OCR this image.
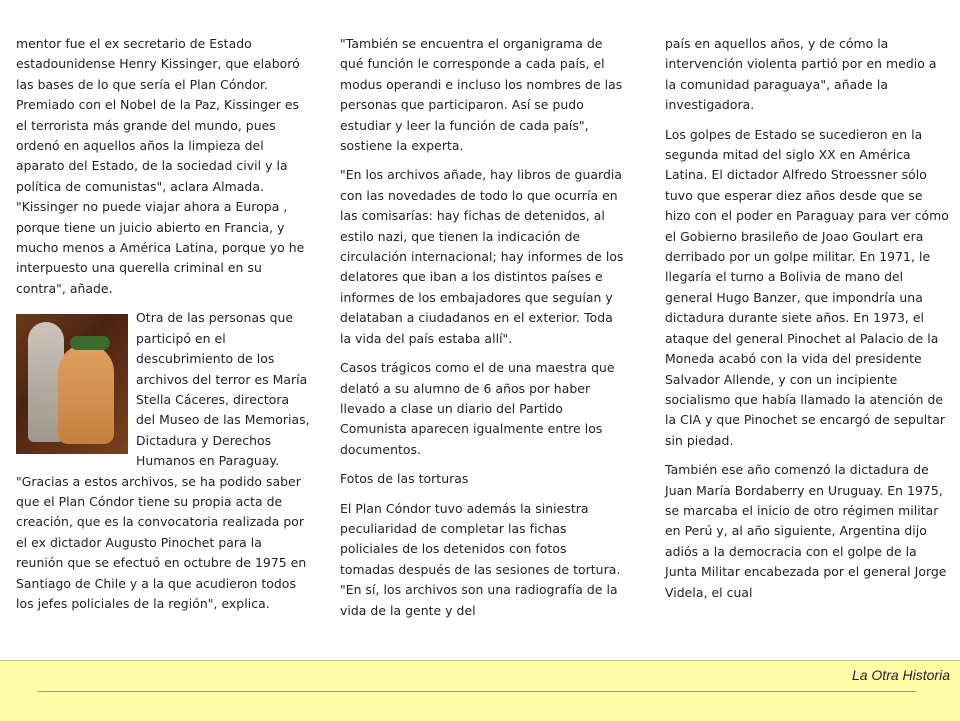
mentor fue el ex secretario de Estado estadounidense Henry Kissinger, que elaboró las bases de lo que sería el Plan Cóndor. Premiado con el Nobel de la Paz, Kissinger es el terrorista más grande del mundo, pues ordenó en aquellos años la limpieza del aparato del Estado, de la sociedad civil y la política de comunistas", aclara Almada. "Kissinger no puede viajar ahora a Europa , porque tiene un juicio abierto en Francia, y mucho menos a América Latina, porque yo he interpuesto una querella criminal en su contra", añade.

Otra de las personas que participó en el descubrimiento de los archivos del terror es María Stella Cáceres, directora del Museo de las Memorias, Dictadura y Derechos Humanos en Paraguay. "Gracias a estos archivos, se ha podido saber que el Plan Cóndor tiene su propia acta de creación, que es la convocatoria realizada por el ex dictador Augusto Pinochet para la reunión que se efectuó en octubre de 1975 en Santiago de Chile y a la que acudieron todos los jefes policiales de la región", explica.

"También se encuentra el organigrama de qué función le corresponde a cada país, el modus operandi e incluso los nombres de las personas que participaron. Así se pudo estudiar y leer la función de cada país", sostiene la experta.

"En los archivos añade, hay libros de guardia con las novedades de todo lo que ocurría en las comisarías: hay fichas de detenidos, al estilo nazi, que tienen la indicación de circulación internacional; hay informes de los delatores que iban a los distintos países e informes de los embajadores que seguían y delataban a ciudadanos en el exterior. Toda la vida del país estaba allí".

Casos trágicos como el de una maestra que delató a su alumno de 6 años por haber llevado a clase un diario del Partido Comunista aparecen igualmente entre los documentos.

Fotos de las torturas

El Plan Cóndor tuvo además la siniestra peculiaridad de completar las fichas policiales de los detenidos con fotos tomadas después de las sesiones de tortura. "En sí, los archivos son una radiografía de la vida de la gente y del

país en aquellos años, y de cómo la intervención violenta partió por en medio a la comunidad paraguaya", añade la investigadora.

Los golpes de Estado se sucedieron en la segunda mitad del siglo XX en América Latina. El dictador Alfredo Stroessner sólo tuvo que esperar diez años desde que se hizo con el poder en Paraguay para ver cómo el Gobierno brasileño de Joao Goulart era derribado por un golpe militar. En 1971, le llegaría el turno a Bolivia de mano del general Hugo Banzer, que impondría una dictadura durante siete años. En 1973, el ataque del general Pinochet al Palacio de la Moneda acabó con la vida del presidente Salvador Allende, y con un incipiente socialismo que había llamado la atención de la CIA y que Pinochet se encargó de sepultar sin piedad.

También ese año comenzó la dictadura de Juan María Bordaberry en Uruguay. En 1975, se marcaba el inicio de otro régimen militar en Perú y, al año siguiente, Argentina dijo adiós a la democracia con el golpe de la Junta Militar encabezada por el general Jorge Videla, el cual

La Otra Historia
